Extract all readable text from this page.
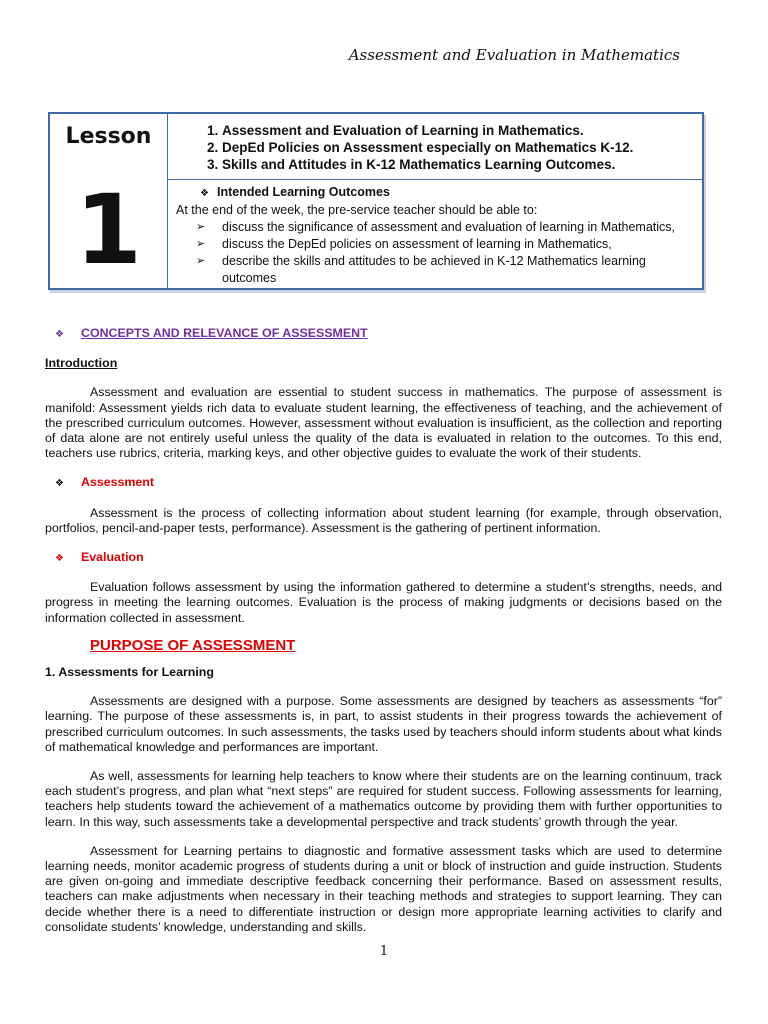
Assessment and Evaluation in Mathematics
Lesson
1
1. Assessment and Evaluation of Learning in Mathematics.
2. DepEd Policies on Assessment especially on Mathematics K-12.
3. Skills and Attitudes in K-12 Mathematics Learning Outcomes.
❖ Intended Learning Outcomes
At the end of the week, the pre-service teacher should be able to:
➢ discuss the significance of assessment and evaluation of learning in Mathematics,
➢ discuss the DepEd policies on assessment of learning in Mathematics,
➢ describe the skills and attitudes to be achieved in K-12 Mathematics learning outcomes
❖ CONCEPTS AND RELEVANCE OF ASSESSMENT
Introduction

Assessment and evaluation are essential to student success in mathematics. The purpose of assessment is manifold: Assessment yields rich data to evaluate student learning, the effectiveness of teaching, and the achievement of the prescribed curriculum outcomes. However, assessment without evaluation is insufficient, as the collection and reporting of data alone are not entirely useful unless the quality of the data is evaluated in relation to the outcomes. To this end, teachers use rubrics, criteria, marking keys, and other objective guides to evaluate the work of their students.

❖ Assessment

Assessment is the process of collecting information about student learning (for example, through observation, portfolios, pencil-and-paper tests, performance). Assessment is the gathering of pertinent information.

❖ Evaluation

Evaluation follows assessment by using the information gathered to determine a student’s strengths, needs, and progress in meeting the learning outcomes. Evaluation is the process of making judgments or decisions based on the information collected in assessment.

PURPOSE OF ASSESSMENT
1. Assessments for Learning

Assessments are designed with a purpose. Some assessments are designed by teachers as assessments “for” learning. The purpose of these assessments is, in part, to assist students in their progress towards the achievement of prescribed curriculum outcomes. In such assessments, the tasks used by teachers should inform students about what kinds of mathematical knowledge and performances are important.

As well, assessments for learning help teachers to know where their students are on the learning continuum, track each student’s progress, and plan what “next steps” are required for student success. Following assessments for learning, teachers help students toward the achievement of a mathematics outcome by providing them with further opportunities to learn. In this way, such assessments take a developmental perspective and track students’ growth through the year.

Assessment for Learning pertains to diagnostic and formative assessment tasks which are used to determine learning needs, monitor academic progress of students during a unit or block of instruction and guide instruction. Students are given on-going and immediate descriptive feedback concerning their performance. Based on assessment results, teachers can make adjustments when necessary in their teaching methods and strategies to support learning. They can decide whether there is a need to differentiate instruction or design more appropriate learning activities to clarify and consolidate students’ knowledge, understanding and skills.

1
